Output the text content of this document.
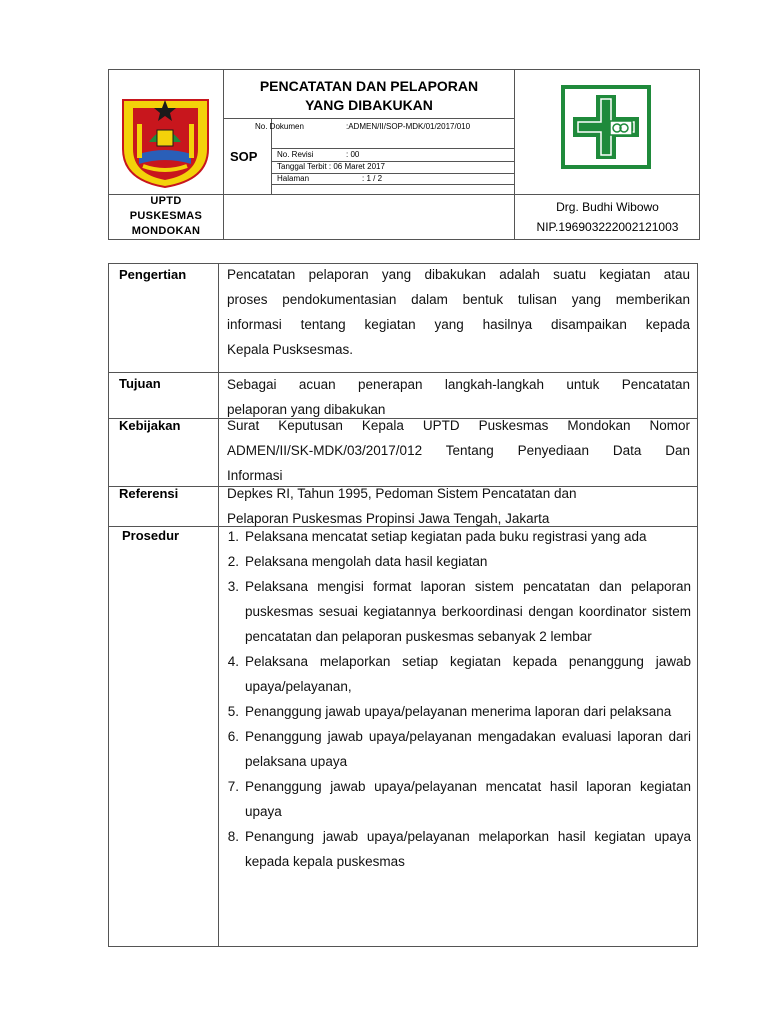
PENCATATAN DAN PELAPORAN
YANG DIBAKUKAN
SOP
No. Dokumen	:ADMEN/II/SOP-MDK/01/2017/010
No. Revisi	: 00
Tanggal Terbit : 06 Maret 2017
Halaman	: 1 / 2
UPTD
PUSKESMAS
MONDOKAN
Drg. Budhi Wibowo
NIP.196903222002121003
Pengertian	Pencatatan pelaporan yang dibakukan adalah suatu kegiatan atau
proses pendokumentasian dalam bentuk tulisan yang memberikan
informasi tentang kegiatan yang hasilnya disampaikan kepada
Kepala Pusksesmas.
Tujuan	Sebagai acuan penerapan langkah-langkah untuk Pencatatan
pelaporan yang dibakukan
Kebijakan	Surat Keputusan Kepala UPTD Puskesmas Mondokan Nomor
ADMEN/II/SK-MDK/03/2017/012 Tentang Penyediaan Data Dan
Informasi
Referensi	Depkes RI, Tahun 1995, Pedoman Sistem Pencatatan dan
Pelaporan Puskesmas Propinsi Jawa Tengah, Jakarta
Prosedur	1. Pelaksana mencatat setiap kegiatan pada buku registrasi yang ada
2. Pelaksana mengolah data hasil kegiatan
3. Pelaksana mengisi format laporan sistem pencatatan dan pelaporan puskesmas sesuai kegiatannya berkoordinasi dengan koordinator sistem pencatatan dan pelaporan puskesmas sebanyak 2 lembar
4. Pelaksana melaporkan setiap kegiatan kepada penanggung jawab upaya/pelayanan,
5. Penanggung jawab upaya/pelayanan menerima laporan dari pelaksana
6. Penanggung jawab upaya/pelayanan mengadakan evaluasi laporan dari pelaksana upaya
7. Penanggung jawab upaya/pelayanan mencatat hasil laporan kegiatan upaya
8. Penangung jawab upaya/pelayanan melaporkan hasil kegiatan upaya kepada kepala puskesmas
